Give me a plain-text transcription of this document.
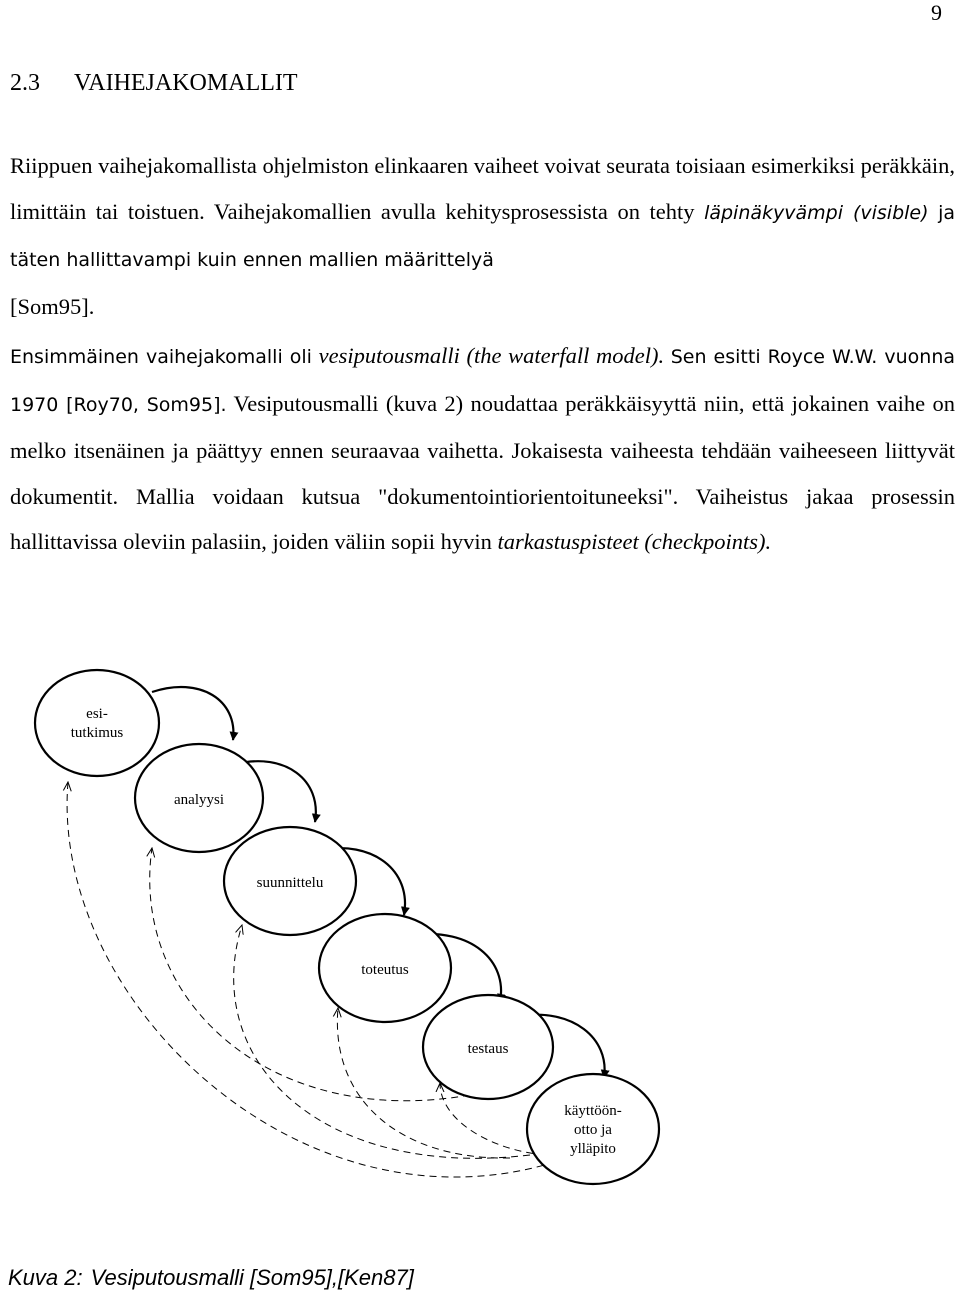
9
2.3 VAIHEJAKOMALLIT
Riippuen vaihejakomallista ohjelmiston elinkaaren vaiheet voivat seurata toisiaan esimerkiksi peräkkäin, limittäin tai toistuen. Vaihejakomallien avulla kehitysprosessista on tehty läpinäkyvämpi (visible) ja täten hallittavampi kuin ennen mallien määrittelyä
[Som95].
Ensimmäinen vaihejakomalli oli vesiputousmalli (the waterfall model). Sen esitti Royce W.W. vuonna 1970 [Roy70, Som95]. Vesiputousmalli (kuva 2) noudattaa peräkkäisyyttä niin, että jokainen vaihe on melko itsenäinen ja päättyy ennen seuraavaa vaihetta. Jokaisesta vaiheesta tehdään vaiheeseen liittyvät dokumentit. Mallia voidaan kutsua "dokumentointiorientoituneeksi". Vaiheistus jakaa prosessin hallittavissa oleviin palasiin, joiden väliin sopii hyvin tarkastuspisteet (checkpoints).
esi-
tutkimus
analyysi
suunnittelu
toteutus
testaus
käyttöön-
otto ja
ylläpito
Kuva 2: Vesiputousmalli [Som95],[Ken87]
